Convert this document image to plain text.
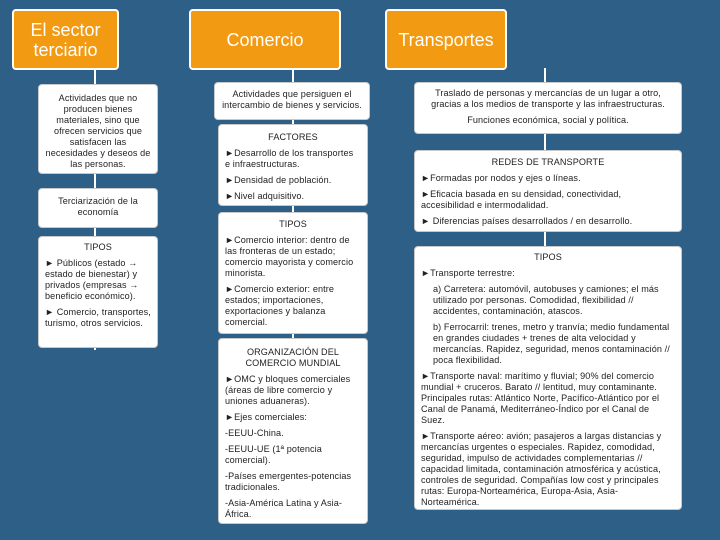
El sector terciario	Comercio	Transportes
Actividades que no producen bienes materiales, sino que ofrecen servicios que satisfacen las necesidades y deseos de las personas.
Terciarización de la economía
TIPOS
► Públicos (estado → estado de bienestar) y privados (empresas → beneficio económico).
► Comercio, transportes, turismo, otros servicios.
Actividades que persiguen el intercambio de bienes y servicios.
FACTORES
►Desarrollo de los transportes e infraestructuras.
►Densidad de población.
►Nivel adquisitivo.
TIPOS
►Comercio interior: dentro de las fronteras de un estado; comercio mayorista y comercio minorista.
►Comercio exterior: entre estados; importaciones, exportaciones y balanza comercial.
ORGANIZACIÓN DEL COMERCIO MUNDIAL
►OMC y bloques comerciales (áreas de libre comercio y uniones aduaneras).
►Ejes comerciales:
-EEUU-China.
-EEUU-UE (1ª potencia comercial).
-Países emergentes-potencias tradicionales.
-Asia-América Latina y Asia-África.
Traslado de personas y mercancías de un lugar a otro, gracias a los medios de transporte y las infraestructuras.
Funciones económica, social y política.
REDES DE TRANSPORTE
►Formadas por nodos y ejes o líneas.
►Eficacia basada en su densidad, conectividad, accesibilidad e intermodalidad.
► Diferencias países desarrollados / en desarrollo.
TIPOS
►Transporte terrestre:
a) Carretera: automóvil, autobuses y camiones; el más utilizado por personas. Comodidad, flexibilidad // accidentes, contaminación, atascos.
b) Ferrocarril: trenes, metro y tranvía; medio fundamental en grandes ciudades + trenes de alta velocidad y mercancías. Rapidez, seguridad, menos contaminación // poca flexibilidad.
►Transporte naval: marítimo y fluvial; 90% del comercio mundial + cruceros. Barato // lentitud, muy contaminante. Principales rutas: Atlántico Norte, Pacífico-Atlántico por el Canal de Panamá, Mediterráneo-Índico por el Canal de Suez.
►Transporte aéreo: avión; pasajeros a largas distancias y mercancías urgentes o especiales. Rapidez, comodidad, seguridad, impulso de actividades complementarias // capacidad limitada, contaminación atmosférica y acústica, controles de seguridad. Compañías low cost y principales rutas: Europa-Norteamérica, Europa-Asia, Asia-Norteamérica.
